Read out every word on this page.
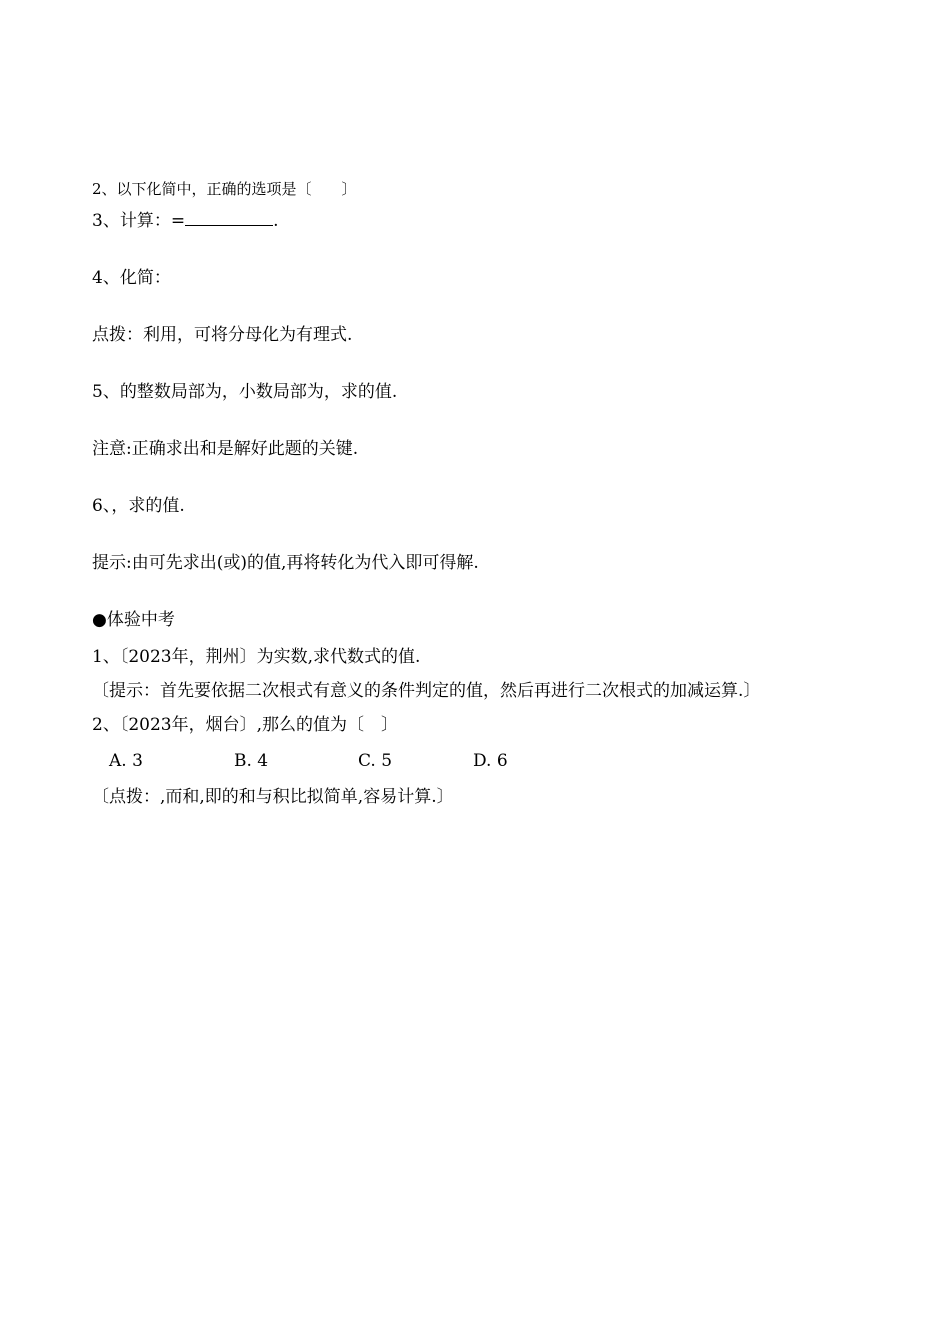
2、以下化简中，正确的选项是〔　　〕
3、计算：=	.
4、化简：
点拨：利用，可将分母化为有理式.
5、的整数局部为，小数局部为，求的值.
注意:正确求出和是解好此题的关键.
6、，求的值.
提示:由可先求出(或)的值,再将转化为代入即可得解.
●体验中考
1、〔2023年，荆州〕为实数,求代数式的值.
〔提示：首先要依据二次根式有意义的条件判定的值，然后再进行二次根式的加减运算.〕
2、〔2023年，烟台〕,那么的值为〔　〕
A. 3	B. 4	C. 5	D. 6
〔点拨：,而和,即的和与积比拟简单,容易计算.〕
